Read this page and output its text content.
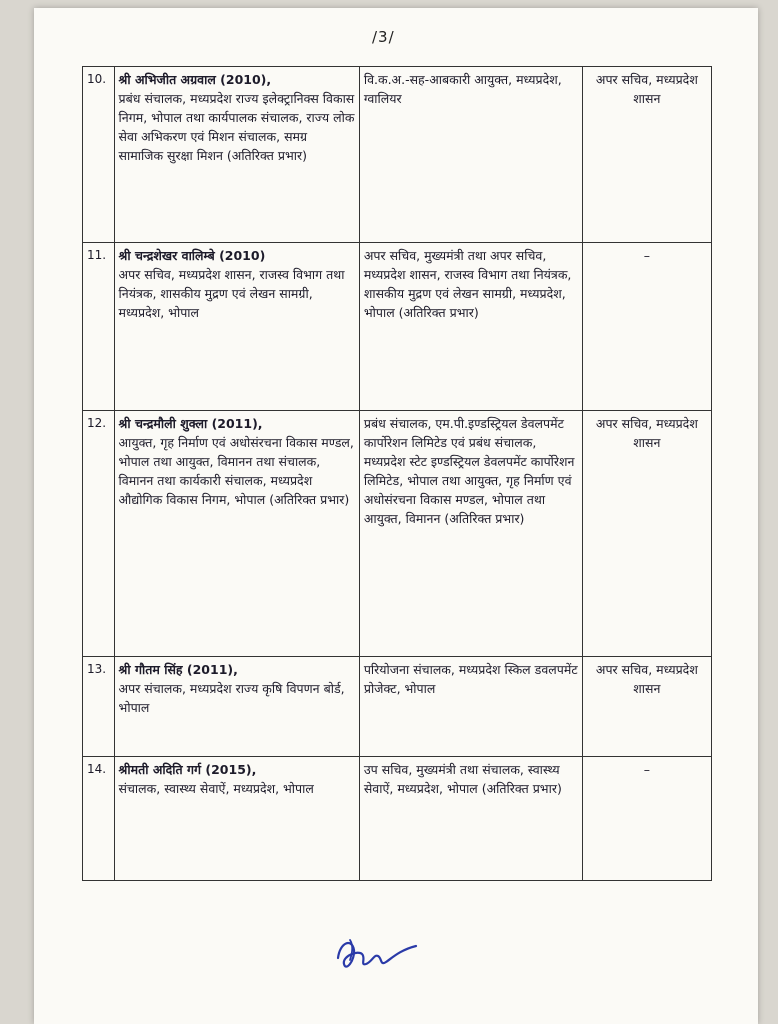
/3/
10.	श्री अभिजीत अग्रवाल (2010),
प्रबंध संचालक, मध्यप्रदेश राज्य इलेक्ट्रानिक्स विकास निगम, भोपाल तथा कार्यपालक संचालक, राज्य लोक सेवा अभिकरण एवं मिशन संचालक, समग्र सामाजिक सुरक्षा मिशन (अतिरिक्त प्रभार)	वि.क.अ.-सह-आबकारी आयुक्त, मध्यप्रदेश, ग्वालियर	अपर सचिव, मध्यप्रदेश शासन
11.	श्री चन्द्रशेखर वालिम्बे (2010)
अपर सचिव, मध्यप्रदेश शासन, राजस्व विभाग तथा नियंत्रक, शासकीय मुद्रण एवं लेखन सामग्री, मध्यप्रदेश, भोपाल	अपर सचिव, मुख्यमंत्री तथा अपर सचिव, मध्यप्रदेश शासन, राजस्व विभाग तथा नियंत्रक, शासकीय मुद्रण एवं लेखन सामग्री, मध्यप्रदेश, भोपाल (अतिरिक्त प्रभार)	–
12.	श्री चन्द्रमौली शुक्ला (2011),
आयुक्त, गृह निर्माण एवं अधोसंरचना विकास मण्डल, भोपाल तथा आयुक्त, विमानन तथा संचालक, विमानन तथा कार्यकारी संचालक, मध्यप्रदेश औद्योगिक विकास निगम, भोपाल (अतिरिक्त प्रभार)	प्रबंध संचालक, एम.पी.इण्डस्ट्रियल डेवलपमेंट कार्पोरेशन लिमिटेड एवं प्रबंध संचालक, मध्यप्रदेश स्टेट इण्डस्ट्रियल डेवलपमेंट कार्पोरेशन लिमिटेड, भोपाल तथा आयुक्त, गृह निर्माण एवं अधोसंरचना विकास मण्डल, भोपाल तथा आयुक्त, विमानन (अतिरिक्त प्रभार)	अपर सचिव, मध्यप्रदेश शासन
13.	श्री गौतम सिंह (2011),
अपर संचालक, मध्यप्रदेश राज्य कृषि विपणन बोर्ड, भोपाल	परियोजना संचालक, मध्यप्रदेश स्किल डवलपमेंट प्रोजेक्ट, भोपाल	अपर सचिव, मध्यप्रदेश शासन
14.	श्रीमती अदिति गर्ग (2015),
संचालक, स्वास्थ्य सेवाऐं, मध्यप्रदेश, भोपाल	उप सचिव, मुख्यमंत्री तथा संचालक, स्वास्थ्य सेवाऐं, मध्यप्रदेश, भोपाल (अतिरिक्त प्रभार)	–
